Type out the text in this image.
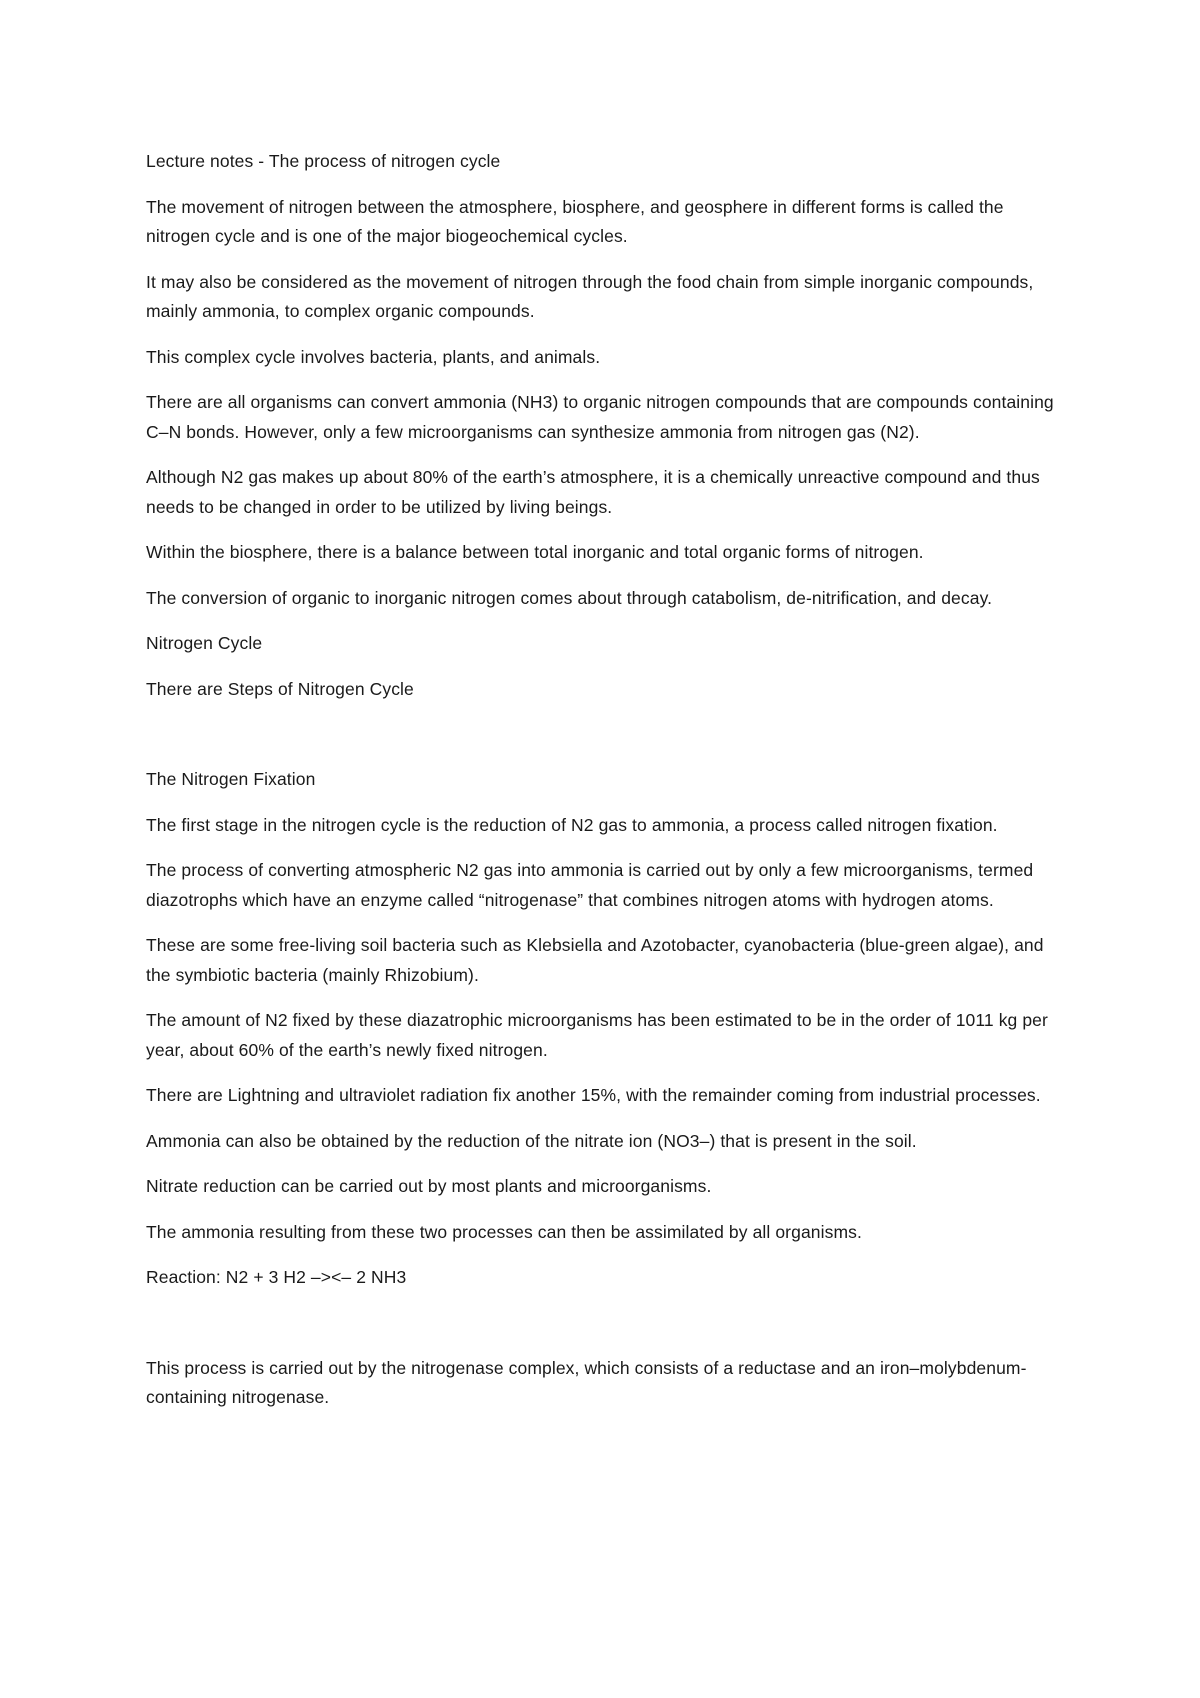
Lecture notes - The process of nitrogen cycle

The movement of nitrogen between the atmosphere, biosphere, and geosphere in different forms is called the nitrogen cycle and is one of the major biogeochemical cycles.

It may also be considered as the movement of nitrogen through the food chain from simple inorganic compounds, mainly ammonia, to complex organic compounds.

This complex cycle involves bacteria, plants, and animals.

There are all organisms can convert ammonia (NH3) to organic nitrogen compounds that are compounds containing C–N bonds. However, only a few microorganisms can synthesize ammonia from nitrogen gas (N2).

Although N2 gas makes up about 80% of the earth’s atmosphere, it is a chemically unreactive compound and thus needs to be changed in order to be utilized by living beings.

Within the biosphere, there is a balance between total inorganic and total organic forms of nitrogen.

The conversion of organic to inorganic nitrogen comes about through catabolism, de-nitrification, and decay.

Nitrogen Cycle

There are Steps of Nitrogen Cycle

The Nitrogen Fixation

The first stage in the nitrogen cycle is the reduction of N2 gas to ammonia, a process called nitrogen fixation.

The process of converting atmospheric N2 gas into ammonia is carried out by only a few microorganisms, termed diazotrophs which have an enzyme called “nitrogenase” that combines nitrogen atoms with hydrogen atoms.

These are some free-living soil bacteria such as Klebsiella and Azotobacter, cyanobacteria (blue-green algae), and the symbiotic bacteria (mainly Rhizobium).

The amount of N2 fixed by these diazatrophic microorganisms has been estimated to be in the order of 1011 kg per year, about 60% of the earth’s newly fixed nitrogen.

There are Lightning and ultraviolet radiation fix another 15%, with the remainder coming from industrial processes.

Ammonia can also be obtained by the reduction of the nitrate ion (NO3–) that is present in the soil.

Nitrate reduction can be carried out by most plants and microorganisms.

The ammonia resulting from these two processes can then be assimilated by all organisms.

Reaction: N2 + 3 H2 –><– 2 NH3

This process is carried out by the nitrogenase complex, which consists of a reductase and an iron–molybdenum-containing nitrogenase.
